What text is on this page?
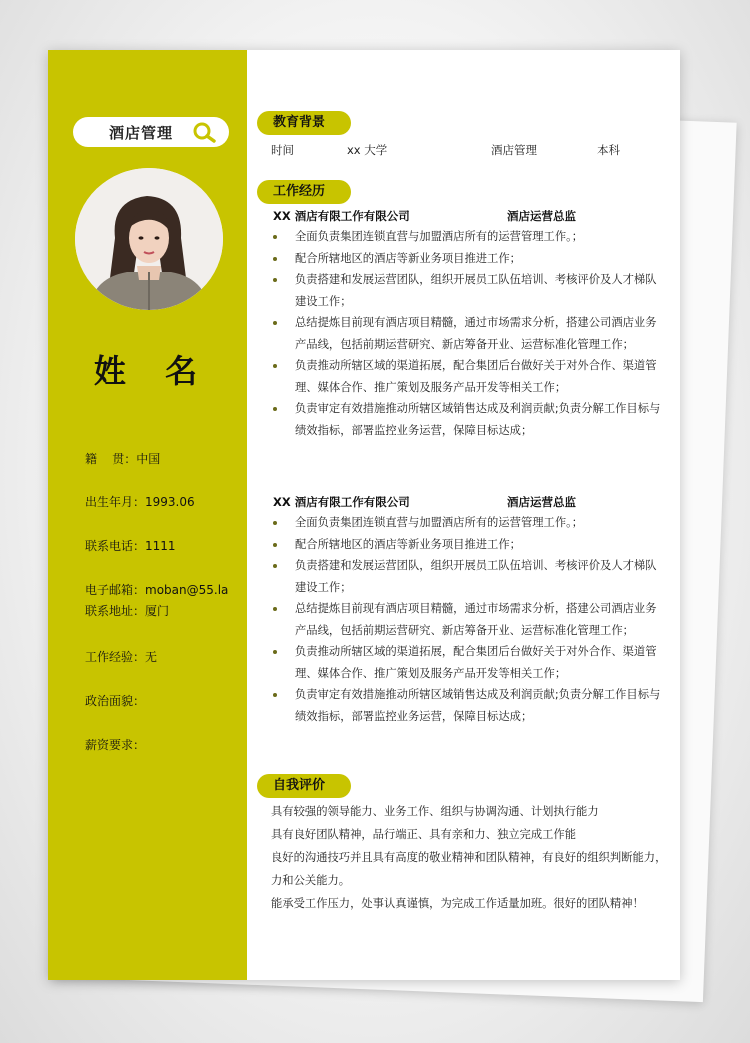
酒店管理
姓 名
籍    贯：中国
出生年月：1993.06
联系电话：1111
电子邮箱：moban@55.la
联系地址：厦门
工作经验：无
政治面貌：
薪资要求：
教育背景
时间	xx 大学	酒店管理	本科
工作经历
XX 酒店有限工作有限公司	酒店运营总监
全面负责集团连锁直营与加盟酒店所有的运营管理工作。；
配合所辖地区的酒店等新业务项目推进工作；
负责搭建和发展运营团队，组织开展员工队伍培训、考核评价及人才梯队建设工作；
总结提炼目前现有酒店项目精髓，通过市场需求分析，搭建公司酒店业务产品线，包括前期运营研究、新店筹备开业、运营标准化管理工作；
负责推动所辖区域的渠道拓展，配合集团后台做好关于对外合作、渠道管理、媒体合作、推广策划及服务产品开发等相关工作；
负责审定有效措施推动所辖区域销售达成及利润贡献;负责分解工作目标与绩效指标，部署监控业务运营，保障目标达成；
XX 酒店有限工作有限公司	酒店运营总监
全面负责集团连锁直营与加盟酒店所有的运营管理工作。；
配合所辖地区的酒店等新业务项目推进工作；
负责搭建和发展运营团队，组织开展员工队伍培训、考核评价及人才梯队建设工作；
总结提炼目前现有酒店项目精髓，通过市场需求分析，搭建公司酒店业务产品线，包括前期运营研究、新店筹备开业、运营标准化管理工作；
负责推动所辖区域的渠道拓展，配合集团后台做好关于对外合作、渠道管理、媒体合作、推广策划及服务产品开发等相关工作；
负责审定有效措施推动所辖区域销售达成及利润贡献;负责分解工作目标与绩效指标，部署监控业务运营，保障目标达成；
自我评价

具有较强的领导能力、业务工作、组织与协调沟通、计划执行能力

具有良好团队精神，品行端正、具有亲和力、独立完成工作能

良好的沟通技巧并且具有高度的敬业精神和团队精神，有良好的组织判断能力，力和公关能力。

能承受工作压力，处事认真谨慎，为完成工作适量加班。很好的团队精神！
